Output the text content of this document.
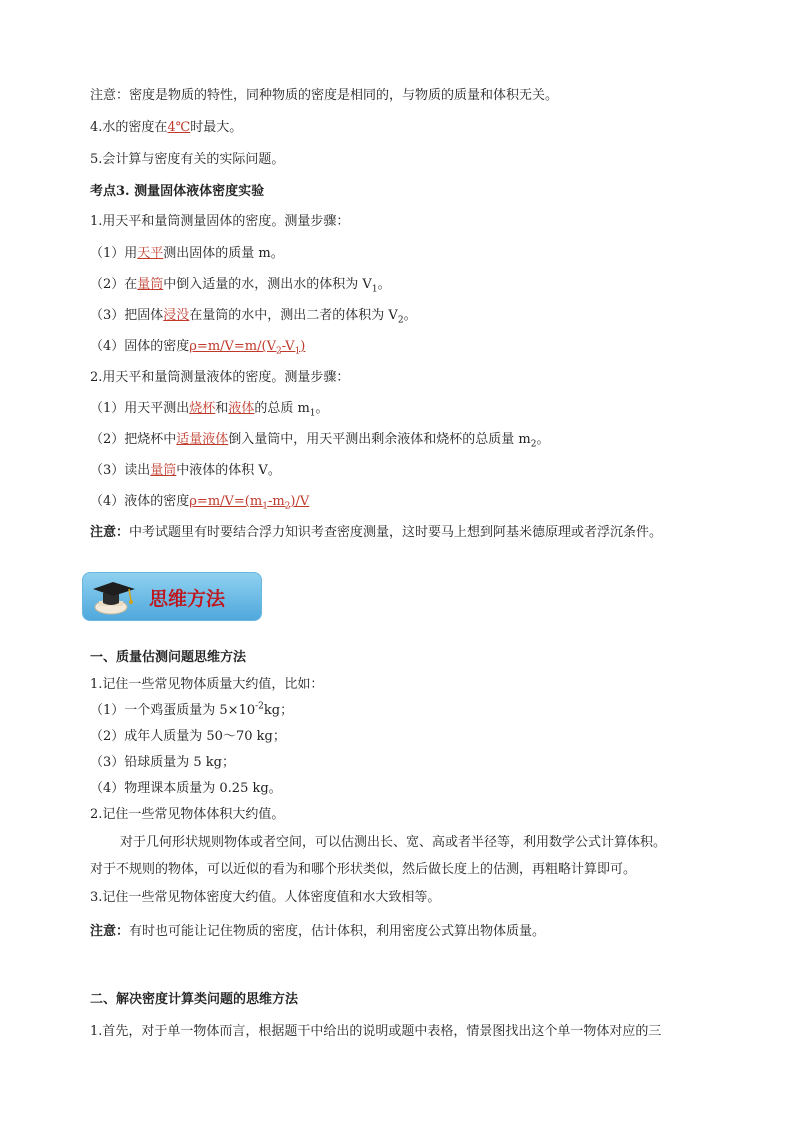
注意：密度是物质的特性，同种物质的密度是相同的，与物质的质量和体积无关。
4.水的密度在4℃时最大。
5.会计算与密度有关的实际问题。
考点3. 测量固体液体密度实验
1.用天平和量筒测量固体的密度。测量步骤：
（1）用天平测出固体的质量 m。
（2）在量筒中倒入适量的水，测出水的体积为 $V_1$。
（3）把固体浸没在量筒的水中，测出二者的体积为 $V_2$。
（4）固体的密度$\rho=m/V=m/(V_2-V_1)$
2.用天平和量筒测量液体的密度。测量步骤：
（1）用天平测出烧杯和液体的总质 $m_1$。
（2）把烧杯中适量液体倒入量筒中，用天平测出剩余液体和烧杯的总质量 $m_2$。
（3）读出量筒中液体的体积 V。
（4）液体的密度$\rho=m/V=(m_1-m_2)/V$
注意：中考试题里有时要结合浮力知识考查密度测量，这时要马上想到阿基米德原理或者浮沉条件。
思维方法
一、质量估测问题思维方法
1.记住一些常见物体质量大约值，比如：
（1）一个鸡蛋质量为 $5\times 10^{-2}kg$；
（2）成年人质量为 50～70 kg；
（3）铅球质量为 5 kg；
（4）物理课本质量为 0.25 kg。
2.记住一些常见物体体积大约值。
对于几何形状规则物体或者空间，可以估测出长、宽、高或者半径等，利用数学公式计算体积。
对于不规则的物体，可以近似的看为和哪个形状类似，然后做长度上的估测，再粗略计算即可。
3.记住一些常见物体密度大约值。人体密度值和水大致相等。
注意：有时也可能让记住物质的密度，估计体积，利用密度公式算出物体质量。
二、解决密度计算类问题的思维方法
1.首先，对于单一物体而言，根据题干中给出的说明或题中表格，情景图找出这个单一物体对应的三
